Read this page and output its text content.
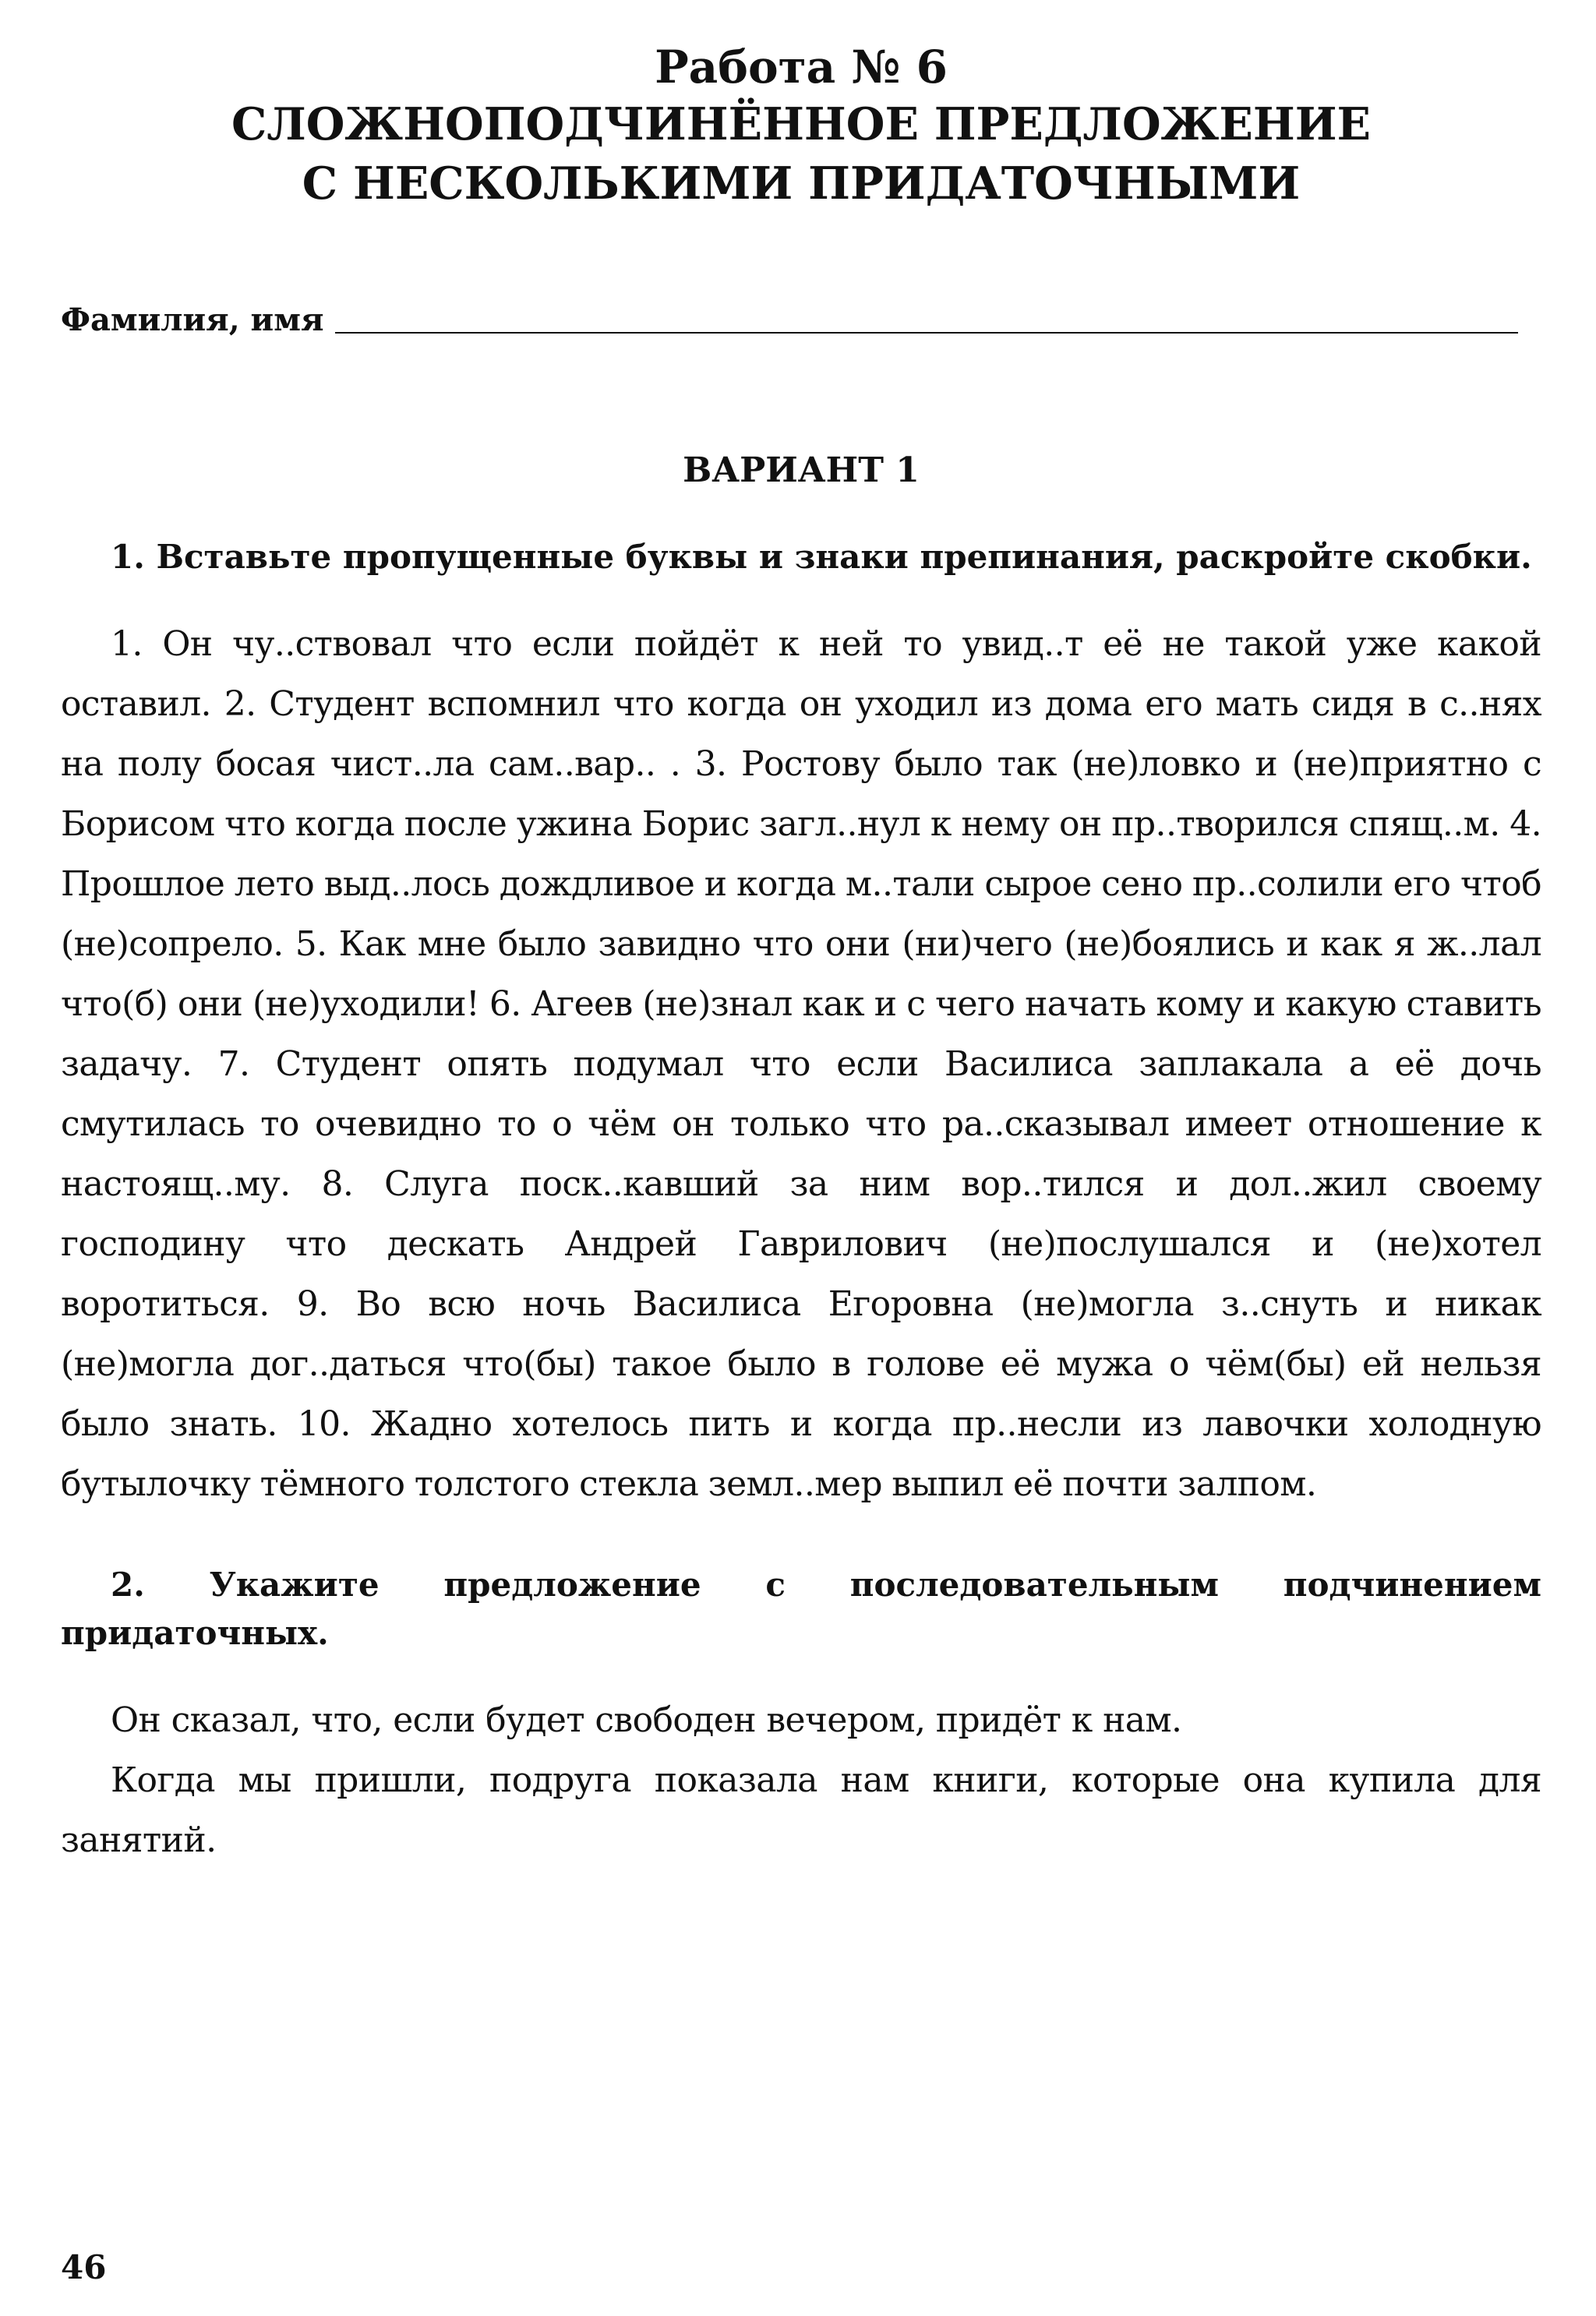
Работа № 6
СЛОЖНОПОДЧИНЁННОЕ ПРЕДЛОЖЕНИЕ
С НЕСКОЛЬКИМИ ПРИДАТОЧНЫМИ
Фамилия, имя
ВАРИАНТ 1

1. Вставьте пропущенные буквы и знаки препинания, раскройте скобки.

1. Он чу..ствовал что если пойдёт к ней то увид..т её не такой уже какой оставил. 2. Студент вспомнил что когда он уходил из дома его мать сидя в с..нях на полу босая чист..ла сам..вар.. . 3. Ростову было так (не)ловко и (не)приятно с Борисом что когда после ужина Борис загл..нул к нему он пр..творился спящ..м. 4. Прошлое лето выд..лось дождливое и когда м..тали сырое сено пр..солили его чтоб (не)сопрело. 5. Как мне было завидно что они (ни)чего (не)боялись и как я ж..лал что(б) они (не)уходили! 6. Агеев (не)знал как и с чего начать кому и какую ставить задачу. 7. Студент опять подумал что если Василиса заплакала а её дочь смутилась то очевидно то о чём он только что ра..сказывал имеет отношение к настоящ..му. 8. Слуга поск..кавший за ним вор..тился и дол..жил своему господину что дескать Андрей Гаврилович (не)послушался и (не)хотел воротиться. 9. Во всю ночь Василиса Егоровна (не)могла з..снуть и никак (не)могла дог..даться что(бы) такое было в голове её мужа о чём(бы) ей нельзя было знать. 10. Жадно хотелось пить и когда пр..несли из лавочки холодную бутылочку тёмного толстого стекла земл..мер выпил её почти залпом.

2. Укажите предложение с последовательным подчинением придаточных.

Он сказал, что, если будет свободен вечером, придёт к нам.

Когда мы пришли, подруга показала нам книги, которые она купила для занятий.

46
